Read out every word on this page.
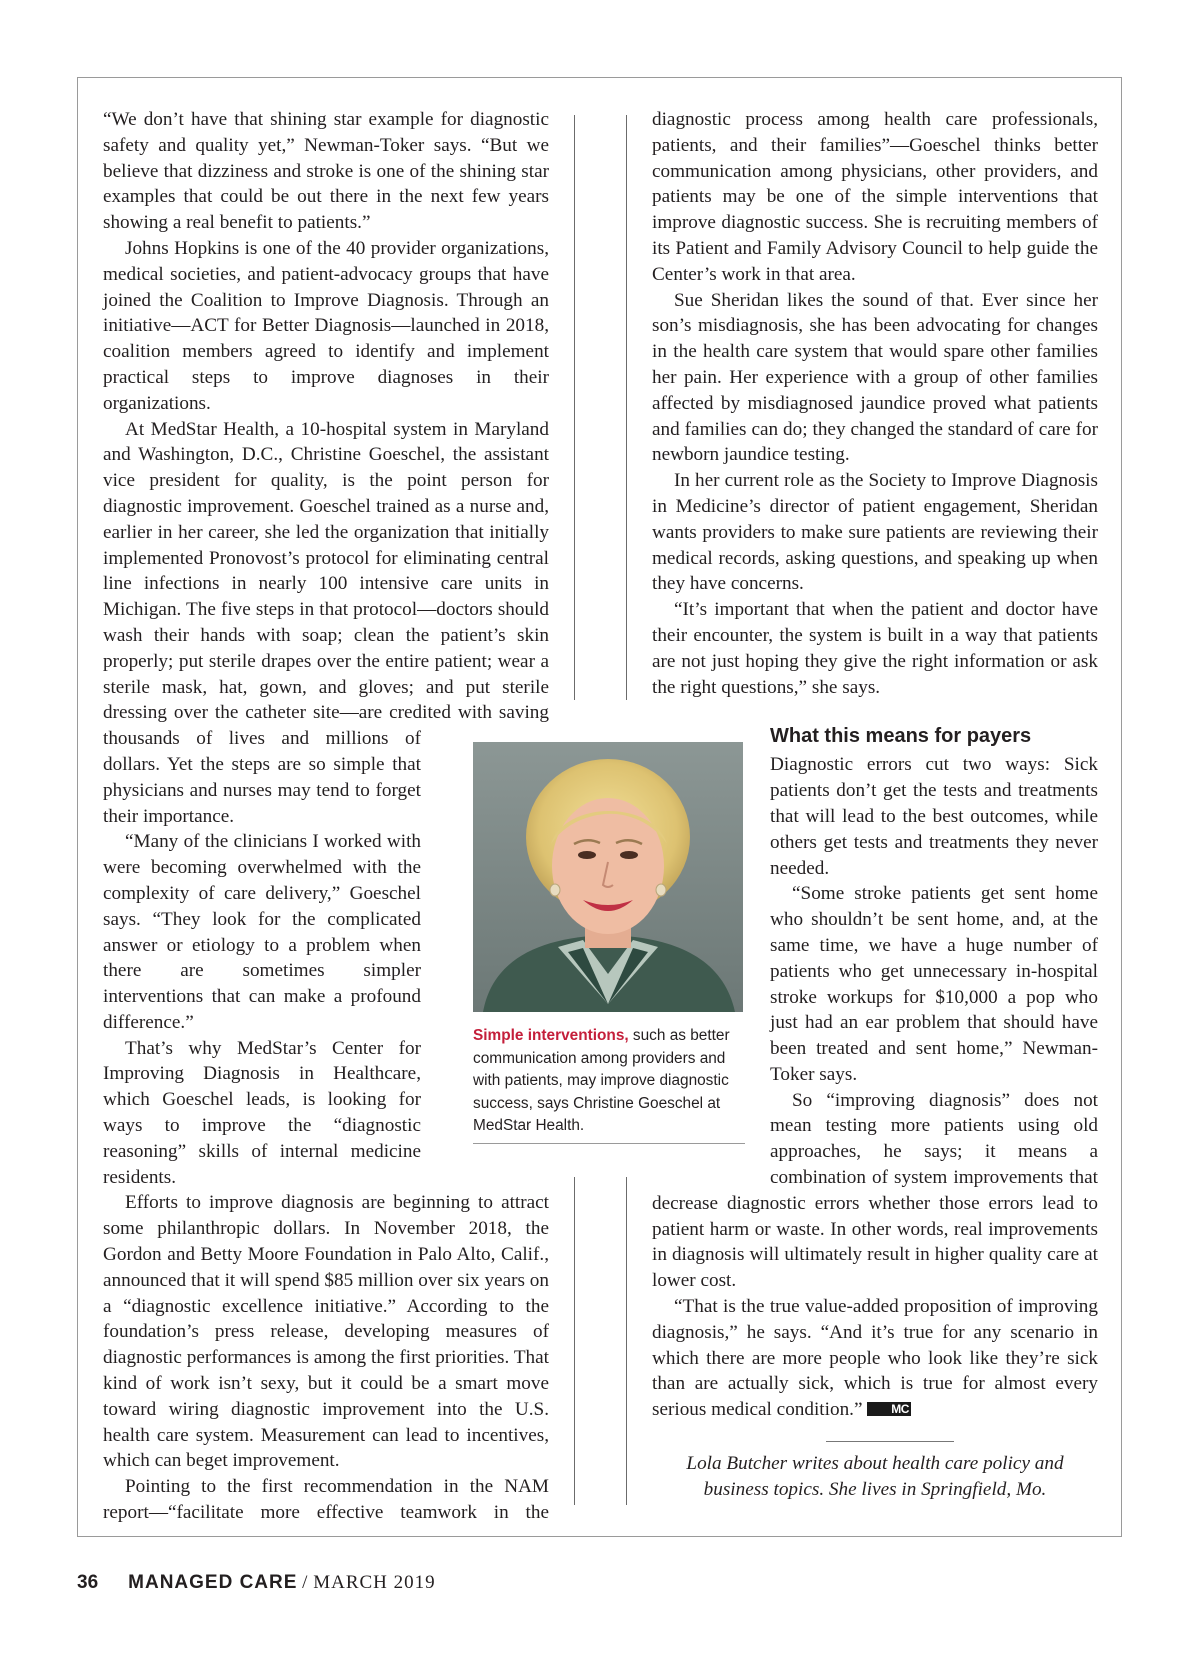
“We don’t have that shining star example for diagnostic safety and quality yet,” Newman-Toker says. “But we believe that dizziness and stroke is one of the shining star examples that could be out there in the next few years showing a real benefit to patients.”

Johns Hopkins is one of the 40 provider organizations, medical societies, and patient-advocacy groups that have joined the Coalition to Improve Diagnosis. Through an initiative—ACT for Better Diagnosis—launched in 2018, coalition members agreed to identify and implement practical steps to improve diagnoses in their organizations.

At MedStar Health, a 10-hospital system in Maryland and Washington, D.C., Christine Goeschel, the assistant vice president for quality, is the point person for diagnostic improvement. Goeschel trained as a nurse and, earlier in her career, she led the organization that initially implemented Pronovost’s protocol for eliminating central line infections in nearly 100 intensive care units in Michigan. The five steps in that protocol—doctors should wash their hands with soap; clean the patient’s skin properly; put sterile drapes over the entire patient; wear a sterile mask, hat, gown, and gloves; and put sterile dressing over the catheter site—are credited with saving thousands of lives and millions of dollars. Yet the steps are so simple that physicians and nurses may tend to forget their importance.

“Many of the clinicians I worked with were becoming overwhelmed with the complexity of care delivery,” Goeschel says. “They look for the complicated answer or etiology to a problem when there are sometimes simpler interventions that can make a profound difference.”

That’s why MedStar’s Center for Improving Diagnosis in Healthcare, which Goeschel leads, is looking for ways to improve the “diagnostic reasoning” skills of internal medicine residents.

Efforts to improve diagnosis are beginning to attract some philanthropic dollars. In November 2018, the Gordon and Betty Moore Foundation in Palo Alto, Calif., announced that it will spend $85 million over six years on a “diagnostic excellence initiative.” According to the foundation’s press release, developing measures of diagnostic performances is among the first priorities. That kind of work isn’t sexy, but it could be a smart move toward wiring diagnostic improvement into the U.S. health care system. Measurement can lead to incentives, which can beget improvement.

Pointing to the first recommendation in the NAM report—“facilitate more effective teamwork in the

diagnostic process among health care professionals, patients, and their families”—Goeschel thinks better communication among physicians, other providers, and patients may be one of the simple interventions that improve diagnostic success. She is recruiting members of its Patient and Family Advisory Council to help guide the Center’s work in that area.

Sue Sheridan likes the sound of that. Ever since her son’s misdiagnosis, she has been advocating for changes in the health care system that would spare other families her pain. Her experience with a group of other families affected by misdiagnosed jaundice proved what patients and families can do; they changed the standard of care for newborn jaundice testing.

In her current role as the Society to Improve Diagnosis in Medicine’s director of patient engagement, Sheridan wants providers to make sure patients are reviewing their medical records, asking questions, and speaking up when they have concerns.

“It’s important that when the patient and doctor have their encounter, the system is built in a way that patients are not just hoping they give the right information or ask the right questions,” she says.

What this means for payers

Diagnostic errors cut two ways: Sick patients don’t get the tests and treatments that will lead to the best outcomes, while others get tests and treatments they never needed.

“Some stroke patients get sent home who shouldn’t be sent home, and, at the same time, we have a huge number of patients who get unnecessary in-hospital stroke workups for $10,000 a pop who just had an ear problem that should have been treated and sent home,” Newman-Toker says.

So “improving diagnosis” does not mean testing more patients using old approaches, he says; it means a combination of system improvements that decrease diagnostic errors whether those errors lead to patient harm or waste. In other words, real improvements in diagnosis will ultimately result in higher quality care at lower cost.

“That is the true value-added proposition of improving diagnosis,” he says. “And it’s true for any scenario in which there are more people who look like they’re sick than are actually sick, which is true for almost every serious medical condition.” MC

Simple interventions, such as better communication among providers and with patients, may improve diagnostic success, says Christine Goeschel at MedStar Health.
Lola Butcher writes about health care policy and business topics. She lives in Springfield, Mo.
36 MANAGED CARE / MARCH 2019
